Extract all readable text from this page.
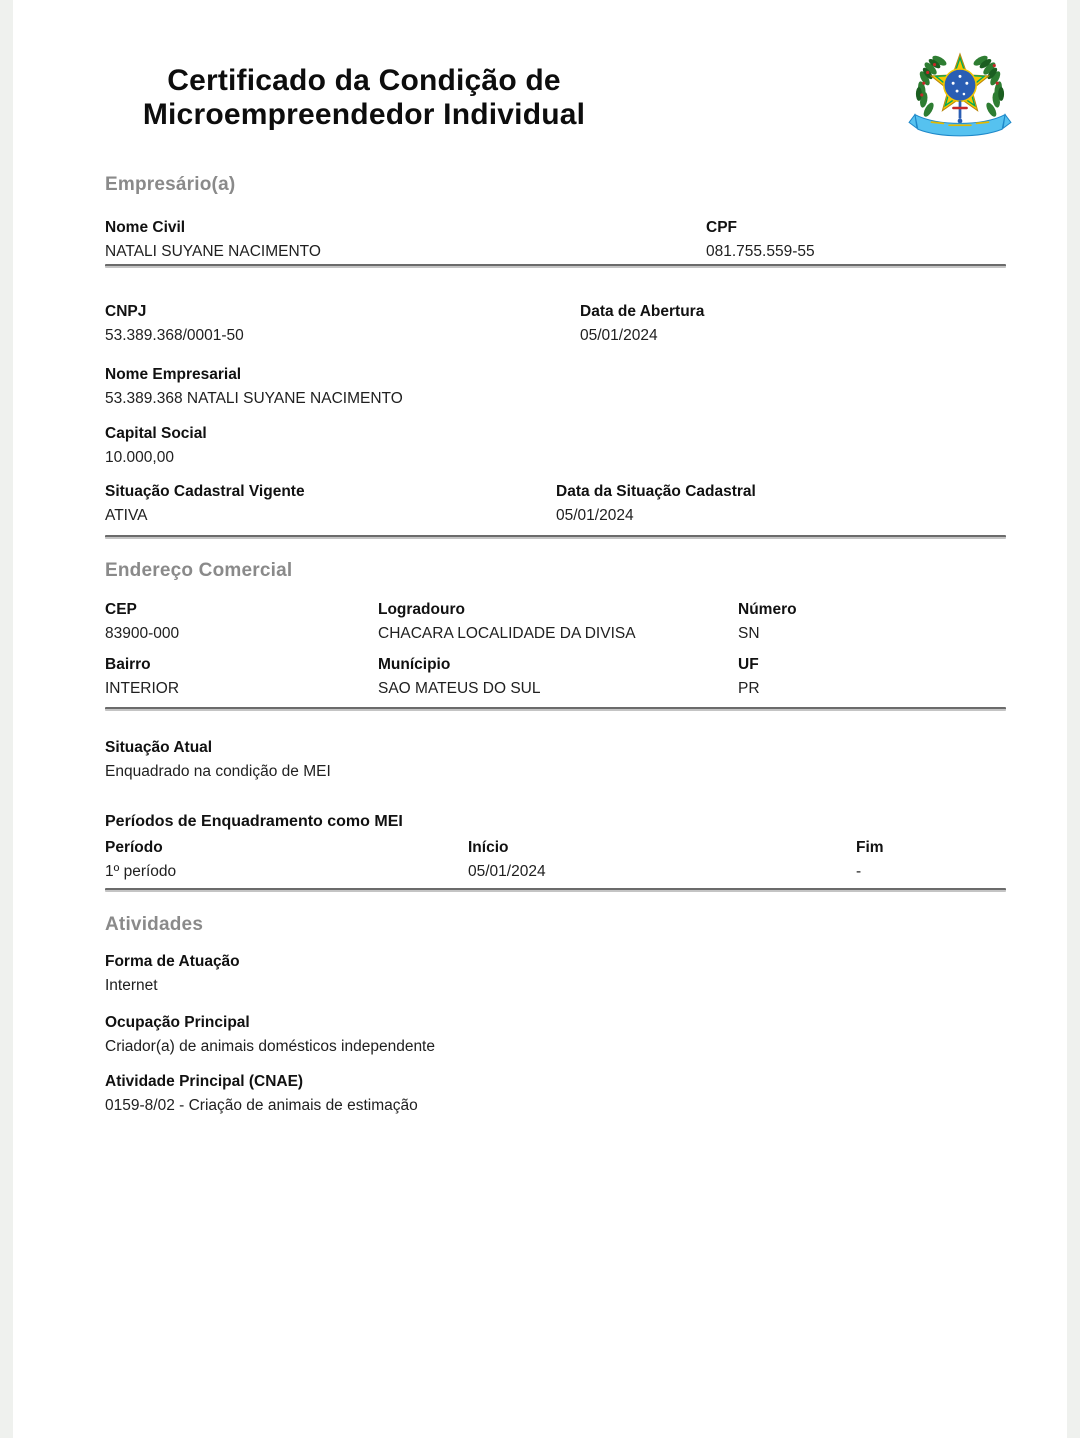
Certificado da Condição de
Microempreendedor Individual
Empresário(a)
Nome Civil
NATALI SUYANE NACIMENTO
CPF
081.755.559-55
CNPJ
53.389.368/0001-50
Data de Abertura
05/01/2024
Nome Empresarial
53.389.368 NATALI SUYANE NACIMENTO
Capital Social
10.000,00
Situação Cadastral Vigente
ATIVA
Data da Situação Cadastral
05/01/2024
Endereço Comercial
CEP
83900-000
Logradouro
CHACARA LOCALIDADE DA DIVISA
Número
SN
Bairro
INTERIOR
Munícipio
SAO MATEUS DO SUL
UF
PR
Situação Atual
Enquadrado na condição de MEI
Períodos de Enquadramento como MEI
Período
1º período
Início
05/01/2024
Fim
-
Atividades
Forma de Atuação
Internet
Ocupação Principal
Criador(a) de animais domésticos independente
Atividade Principal (CNAE)
0159-8/02 - Criação de animais de estimação
